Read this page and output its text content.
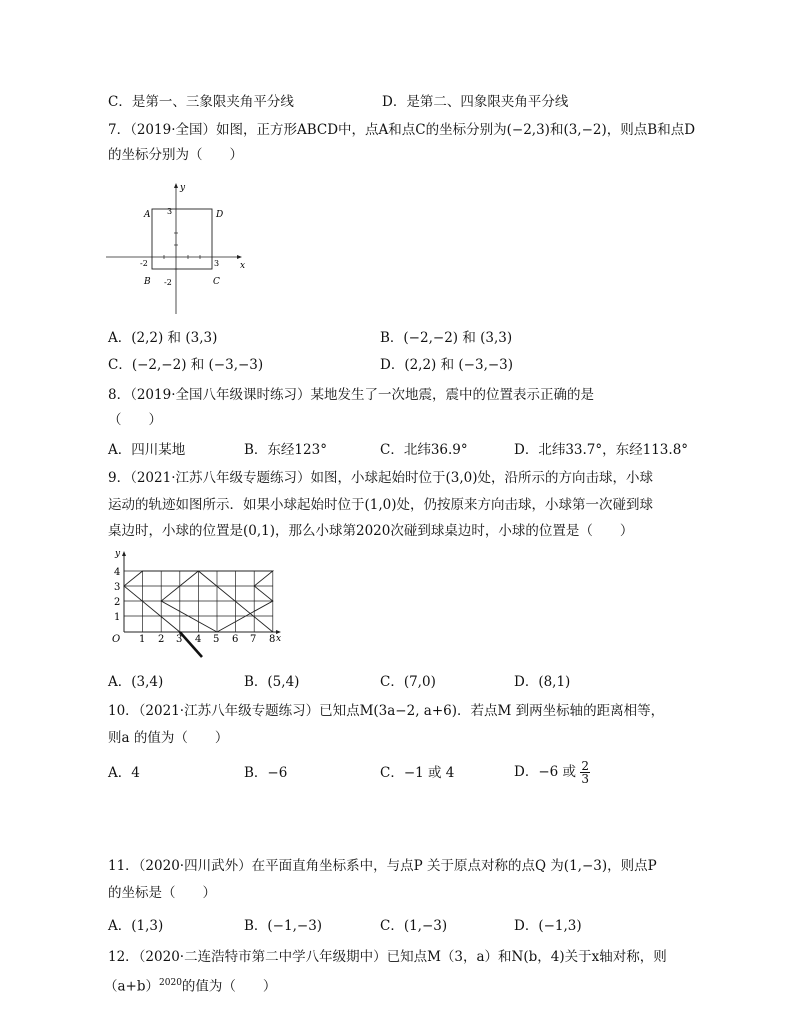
C．是第一、三象限夹角平分线	D．是第二、四象限夹角平分线
7．（2019·全国）如图，正方形ABCD中，点A和点C的坐标分别为(−2,3)和(3,−2)，则点B和点D
的坐标分别为（　　）
y
x
A	D
B	C
3
-2
-2	3
A．(2,2) 和 (3,3)	B．(−2,−2) 和 (3,3)
C．(−2,−2) 和 (−3,−3)	D．(2,2) 和 (−3,−3)
8．（2019·全国八年级课时练习）某地发生了一次地震，震中的位置表示正确的是
（　　）
A．四川某地	B．东经123°	C．北纬36.9°	D．北纬33.7°，东经113.8°
9．（2021·江苏八年级专题练习）如图，小球起始时位于(3,0)处，沿所示的方向击球，小球
运动的轨迹如图所示．如果小球起始时位于(1,0)处，仍按原来方向击球，小球第一次碰到球
桌边时，小球的位置是(0,1)，那么小球第2020次碰到球桌边时，小球的位置是（　　）
y
x
O 1 2 3 4 5 6 7 8
1
2
3
4
A．(3,4)	B．(5,4)	C．(7,0)	D．(8,1)
10．（2021·江苏八年级专题练习）已知点M(3a−2, a+6)．若点M 到两坐标轴的距离相等，
则a 的值为（　　）
A．4	B．−6	C．−1 或 4	D．−6 或 $\frac{2}{3}$
11．（2020·四川武外）在平面直角坐标系中，与点P 关于原点对称的点Q 为(1,−3)，则点P
的坐标是（　　）
A．(1,3)	B．(−1,−3)	C．(1,−3)	D．(−1,3)
12．（2020·二连浩特市第二中学八年级期中）已知点M（3，a）和N(b，4)关于x轴对称，则
$(a+b)^{2020}$的值为（　　）
